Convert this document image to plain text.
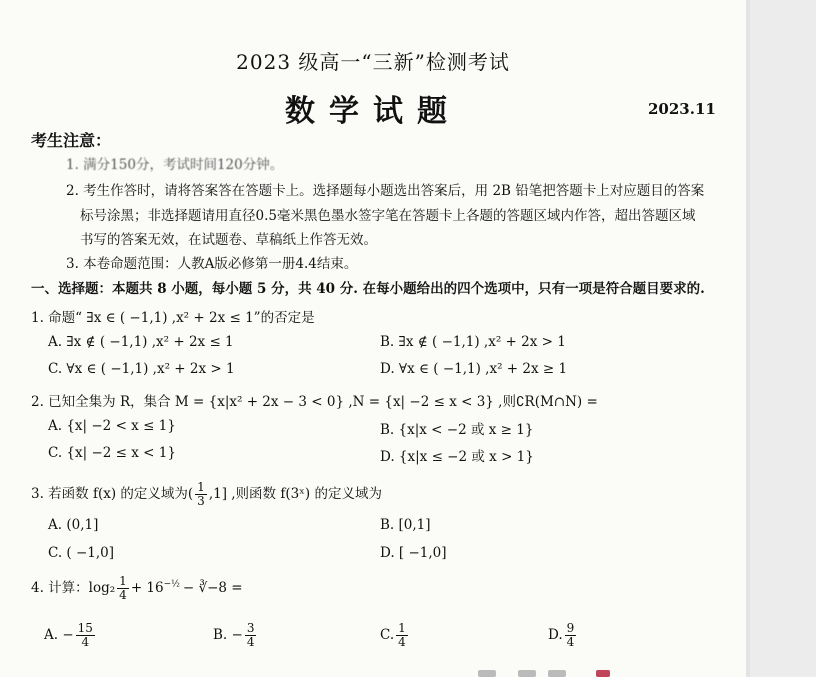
2023 级高一“三新”检测考试
数学试题	2023.11
考生注意：
1. 满分150分，考试时间120分钟。
2. 考生作答时，请将答案答在答题卡上。选择题每小题选出答案后，用 2B 铅笔把答题卡上对应题目的答案
标号涂黑；非选择题请用直径0.5毫米黑色墨水签字笔在答题卡上各题的答题区域内作答，超出答题区域
书写的答案无效，在试题卷、草稿纸上作答无效。
3. 本卷命题范围：人教A版必修第一册4.4结束。
一、选择题：本题共 8 小题，每小题 5 分，共 40 分. 在每小题给出的四个选项中，只有一项是符合题目要求的.
1. 命题“ ∃x ∈ ( −1,1) ,x² + 2x ≤ 1”的否定是
A. ∃x ∉ ( −1,1) ,x² + 2x ≤ 1	B. ∃x ∉ ( −1,1) ,x² + 2x > 1
C. ∀x ∈ ( −1,1) ,x² + 2x > 1	D. ∀x ∈ ( −1,1) ,x² + 2x ≥ 1
2. 已知全集为 R，集合 M = {x|x² + 2x − 3 < 0} ,N = {x| −2 ≤ x < 3} ,则∁R(M∩N) =
A. {x| −2 < x ≤ 1}	B. {x|x < −2 或 x ≥ 1}
C. {x| −2 ≤ x < 1}	D. {x|x ≤ −2 或 x > 1}
3. 若函数 f(x) 的定义域为( $\frac{1}{3} ,1$] ,则函数 f(3ˣ) 的定义域为
A. (0,1]	B. [0,1]
C. ( −1,0]	D. [ −1,0]
4. 计算：$\log_2 \frac{1}{4} + 16^{-\frac{1}{2}}$ − ∛−8 =
A. − $\frac{15}{4}$	B. − $\frac{3}{4}$	C. $\frac{1}{4}$	D. $\frac{9}{4}$
